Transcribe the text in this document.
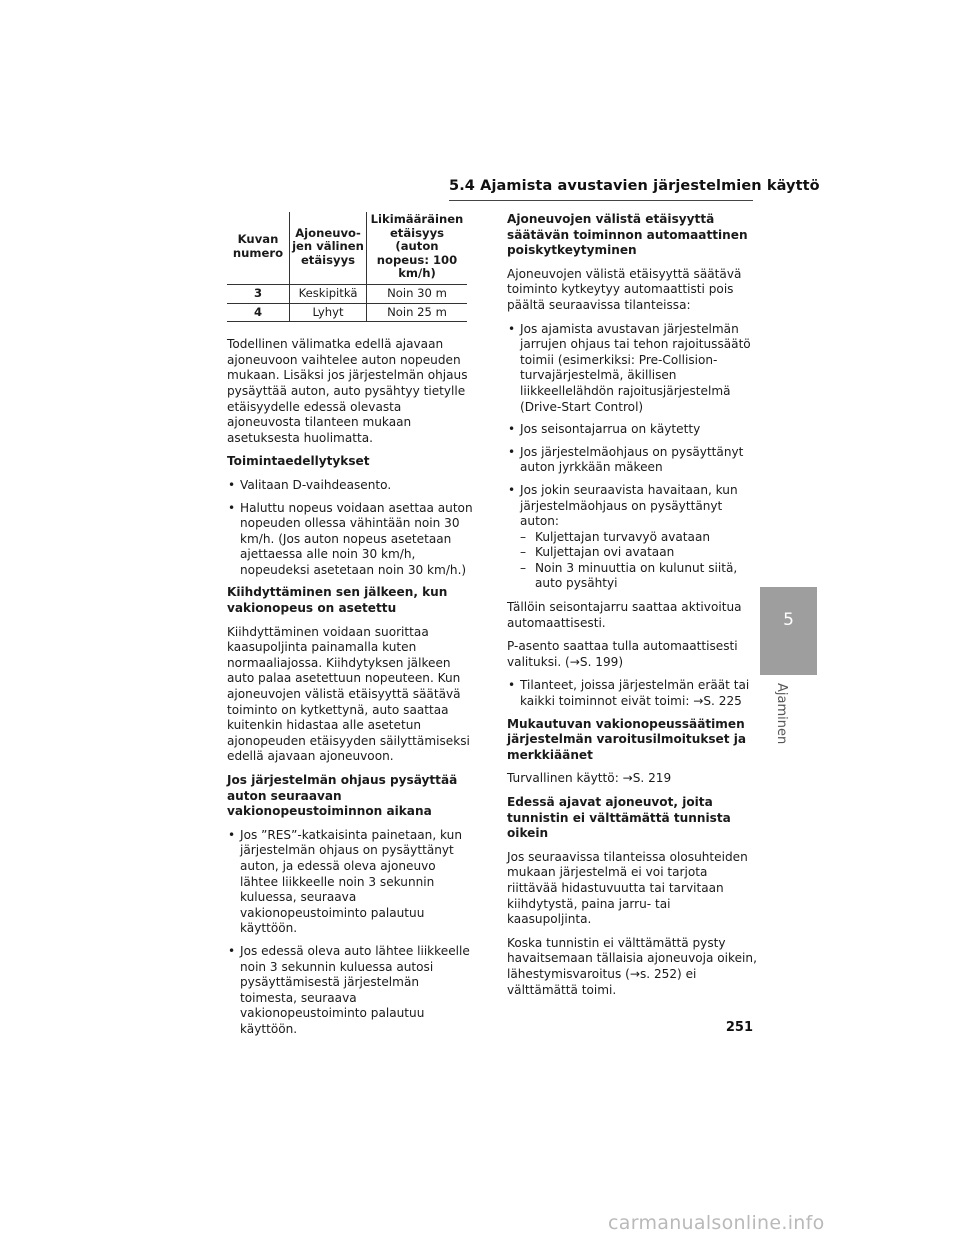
5.4 Ajamista avustavien järjestelmien käyttö
Kuvan numero	Ajoneuvo-jen välinen etäisyys	Likimääräinen etäisyys (auton nopeus: 100 km/h)
3	Keskipitkä	Noin 30 m
4	Lyhyt	Noin 25 m

Todellinen välimatka edellä ajavaan ajoneuvoon vaihtelee auton nopeuden mukaan. Lisäksi jos järjestelmän ohjaus pysäyttää auton, auto pysähtyy tietylle etäisyydelle edessä olevasta ajoneuvosta tilanteen mukaan asetuksesta huolimatta.

Toimintaedellytykset

• Valitaan D-vaihdeasento.
• Haluttu nopeus voidaan asettaa auton nopeuden ollessa vähintään noin 30 km/h. (Jos auton nopeus asetetaan ajettaessa alle noin 30 km/h, nopeudeksi asetetaan noin 30 km/h.)

Kiihdyttäminen sen jälkeen, kun vakionopeus on asetettu

Kiihdyttäminen voidaan suorittaa kaasupoljinta painamalla kuten normaaliajossa. Kiihdytyksen jälkeen auto palaa asetettuun nopeuteen. Kun ajoneuvojen välistä etäisyyttä säätävä toiminto on kytkettynä, auto saattaa kuitenkin hidastaa alle asetetun ajonopeuden etäisyyden säilyttämiseksi edellä ajavaan ajoneuvoon.

Jos järjestelmän ohjaus pysäyttää auton seuraavan vakionopeustoiminnon aikana

• Jos ”RES”-katkaisinta painetaan, kun järjestelmän ohjaus on pysäyttänyt auton, ja edessä oleva ajoneuvo lähtee liikkeelle noin 3 sekunnin kuluessa, seuraava vakionopeustoiminto palautuu käyttöön.
• Jos edessä oleva auto lähtee liikkeelle noin 3 sekunnin kuluessa autosi pysäyttämisestä järjestelmän toimesta, seuraava vakionopeustoiminto palautuu käyttöön.

Ajoneuvojen välistä etäisyyttä säätävän toiminnon automaattinen poiskytkeytyminen

Ajoneuvojen välistä etäisyyttä säätävä toiminto kytkeytyy automaattisti pois päältä seuraavissa tilanteissa:

• Jos ajamista avustavan järjestelmän jarrujen ohjaus tai tehon rajoitussäätö toimii (esimerkiksi: Pre-Collision-turvajärjestelmä, äkillisen liikkeellelähdön rajoitusjärjestelmä (Drive-Start Control)
• Jos seisontajarrua on käytetty
• Jos järjestelmäohjaus on pysäyttänyt auton jyrkkään mäkeen
• Jos jokin seuraavista havaitaan, kun järjestelmäohjaus on pysäyttänyt auton:
– Kuljettajan turvavyö avataan
– Kuljettajan ovi avataan
– Noin 3 minuuttia on kulunut siitä, auto pysähtyi

Tällöin seisontajarru saattaa aktivoitua automaattisesti.

P-asento saattaa tulla automaattisesti valituksi. (→S. 199)

• Tilanteet, joissa järjestelmän eräät tai kaikki toiminnot eivät toimi: →S. 225

Mukautuvan vakionopeussäätimen järjestelmän varoitusilmoitukset ja merkkiäänet

Turvallinen käyttö: →S. 219

Edessä ajavat ajoneuvot, joita tunnistin ei välttämättä tunnista oikein

Jos seuraavissa tilanteissa olosuhteiden mukaan järjestelmä ei voi tarjota riittävää hidastuvuutta tai tarvitaan kiihdytystä, paina jarru- tai kaasupoljinta.

Koska tunnistin ei välttämättä pysty havaitsemaan tällaisia ajoneuvoja oikein, lähestymisvaroitus (→s. 252) ei välttämättä toimi.

5
Ajaminen
251
carmanualsonline.info
